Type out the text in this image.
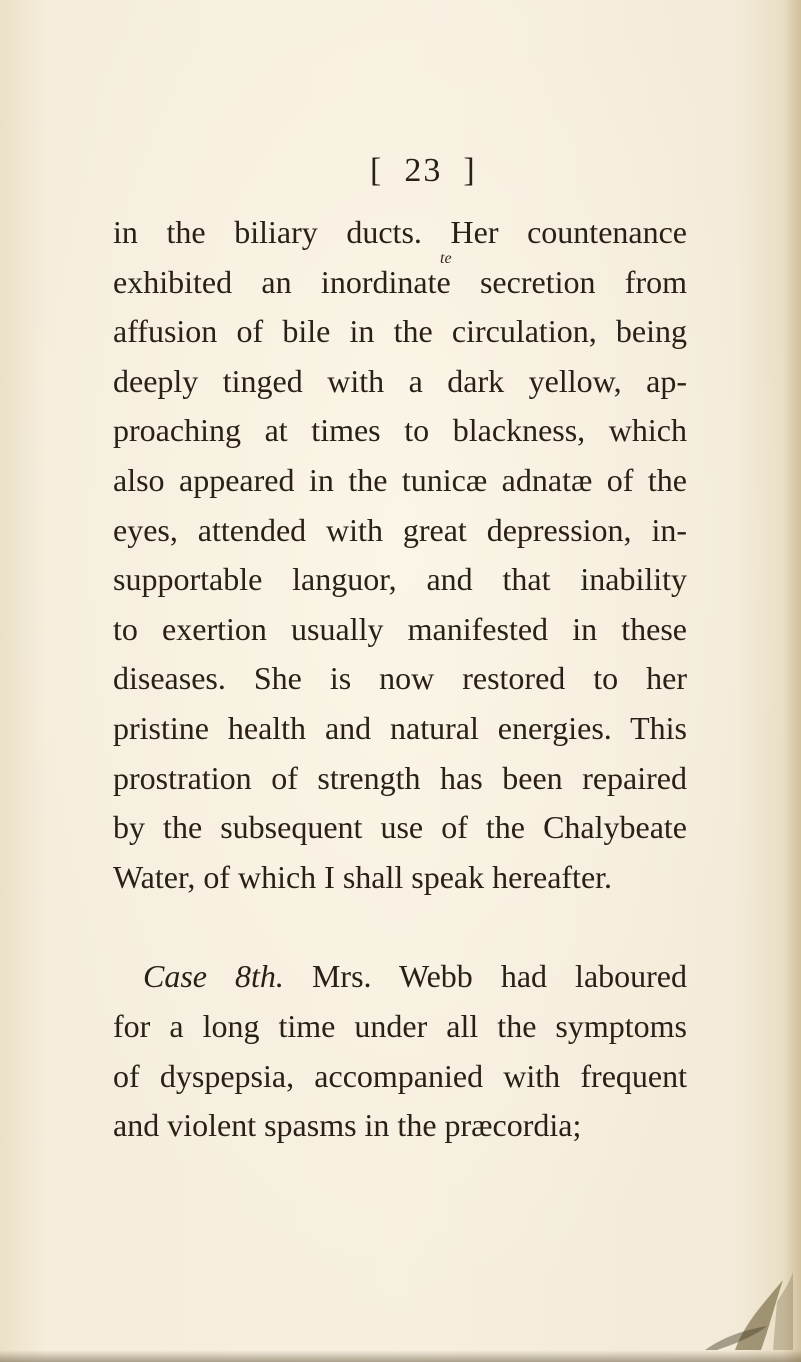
[  23  ]
te
in the biliary ducts. Her countenance
exhibited an inordinate secretion from
affusion of bile in the circulation, being
deeply tinged with a dark yellow, ap-
proaching at times to blackness, which
also appeared in the tunicæ adnatæ of the
eyes, attended with great depression, in-
supportable languor, and that inability
to exertion usually manifested in these
diseases. She is now restored to her
pristine health and natural energies. This
prostration of strength has been repaired
by the subsequent use of the Chalybeate
Water, of which I shall speak hereafter.
Case 8th. Mrs. Webb had laboured
for a long time under all the symptoms
of dyspepsia, accompanied with frequent
and violent spasms in the præcordia;
